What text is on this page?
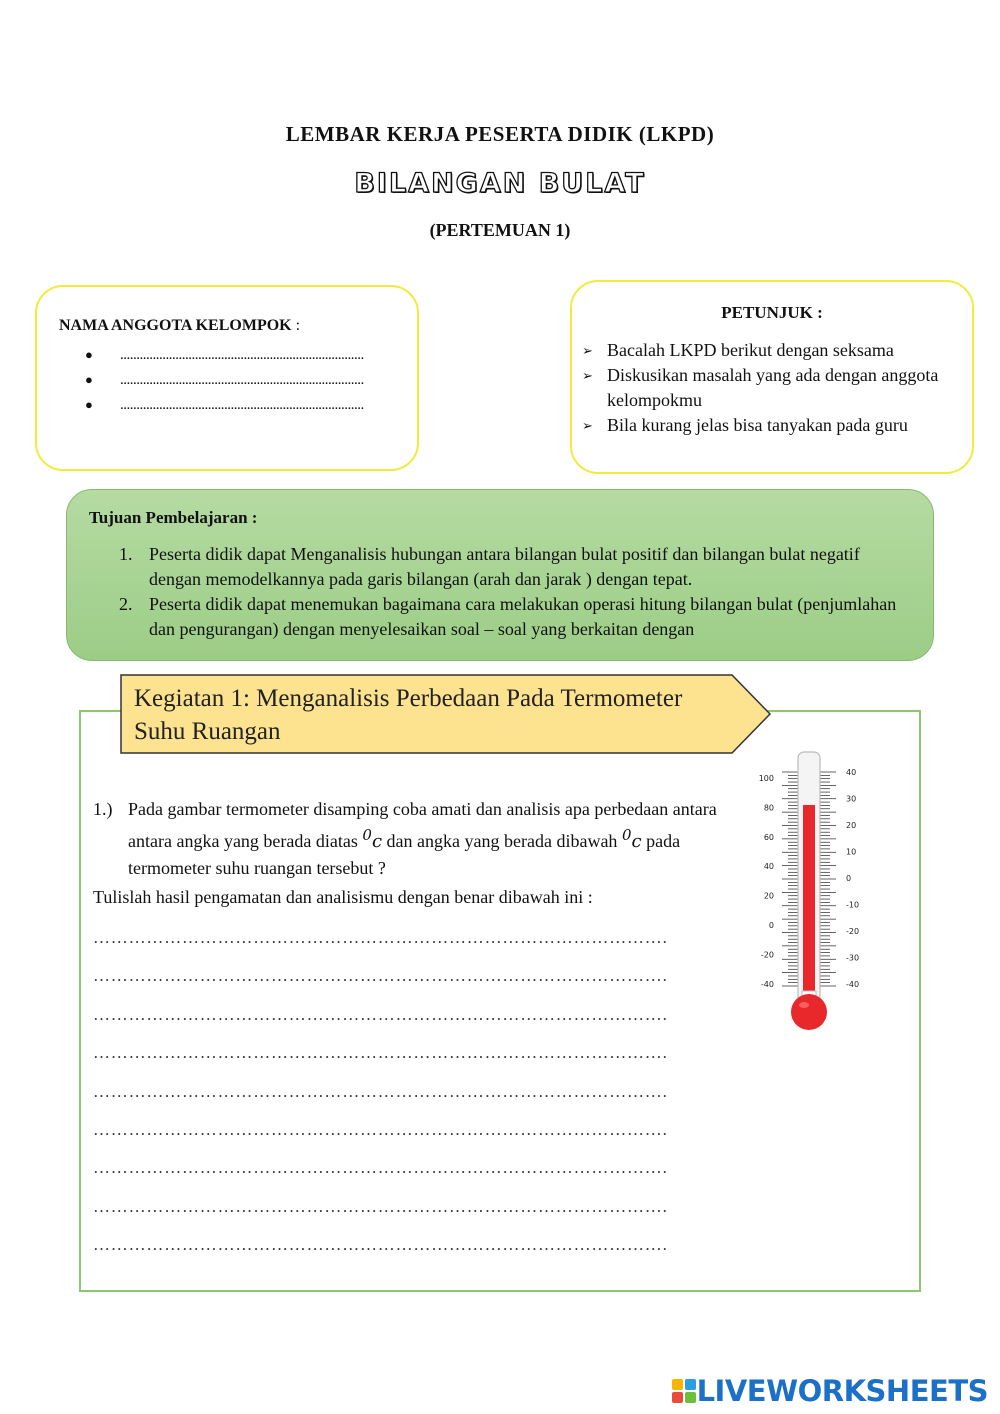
LEMBAR KERJA PESERTA DIDIK (LKPD)
BILANGAN BULAT
(PERTEMUAN 1)
NAMA ANGGOTA KELOMPOK :
● ...........................................................................
● ...........................................................................
● ...........................................................................
PETUNJUK :
➢ Bacalah LKPD berikut dengan seksama
➢ Diskusikan masalah yang ada dengan anggota kelompokmu
➢ Bila kurang jelas bisa tanyakan pada guru
Tujuan Pembelajaran :
1. Peserta didik dapat Menganalisis hubungan antara bilangan bulat positif dan bilangan bulat negatif dengan memodelkannya pada garis bilangan (arah dan jarak ) dengan tepat.
2. Peserta didik dapat menemukan bagaimana cara melakukan operasi hitung bilangan bulat (penjumlahan dan pengurangan) dengan menyelesaikan soal – soal yang berkaitan dengan
Kegiatan 1: Menganalisis Perbedaan Pada Termometer
Suhu Ruangan
1.) Pada gambar termometer disamping coba amati dan analisis apa perbedaan antara antara angka yang berada diatas $^0$c dan angka yang berada dibawah $^0$c pada termometer suhu ruangan tersebut ?
Tulislah hasil pengamatan dan analisismu dengan benar dibawah ini :
…………………………………………………………………………………….
…………………………………………………………………………………….
…………………………………………………………………………………….
…………………………………………………………………………………….
…………………………………………………………………………………….
…………………………………………………………………………………….
…………………………………………………………………………………….
…………………………………………………………………………………….
…………………………………………………………………………………….
100
80
60
40
20
0
-20
-40
40
30
20
10
0
-10
-20
-30
-40
LIVEWORKSHEETS
